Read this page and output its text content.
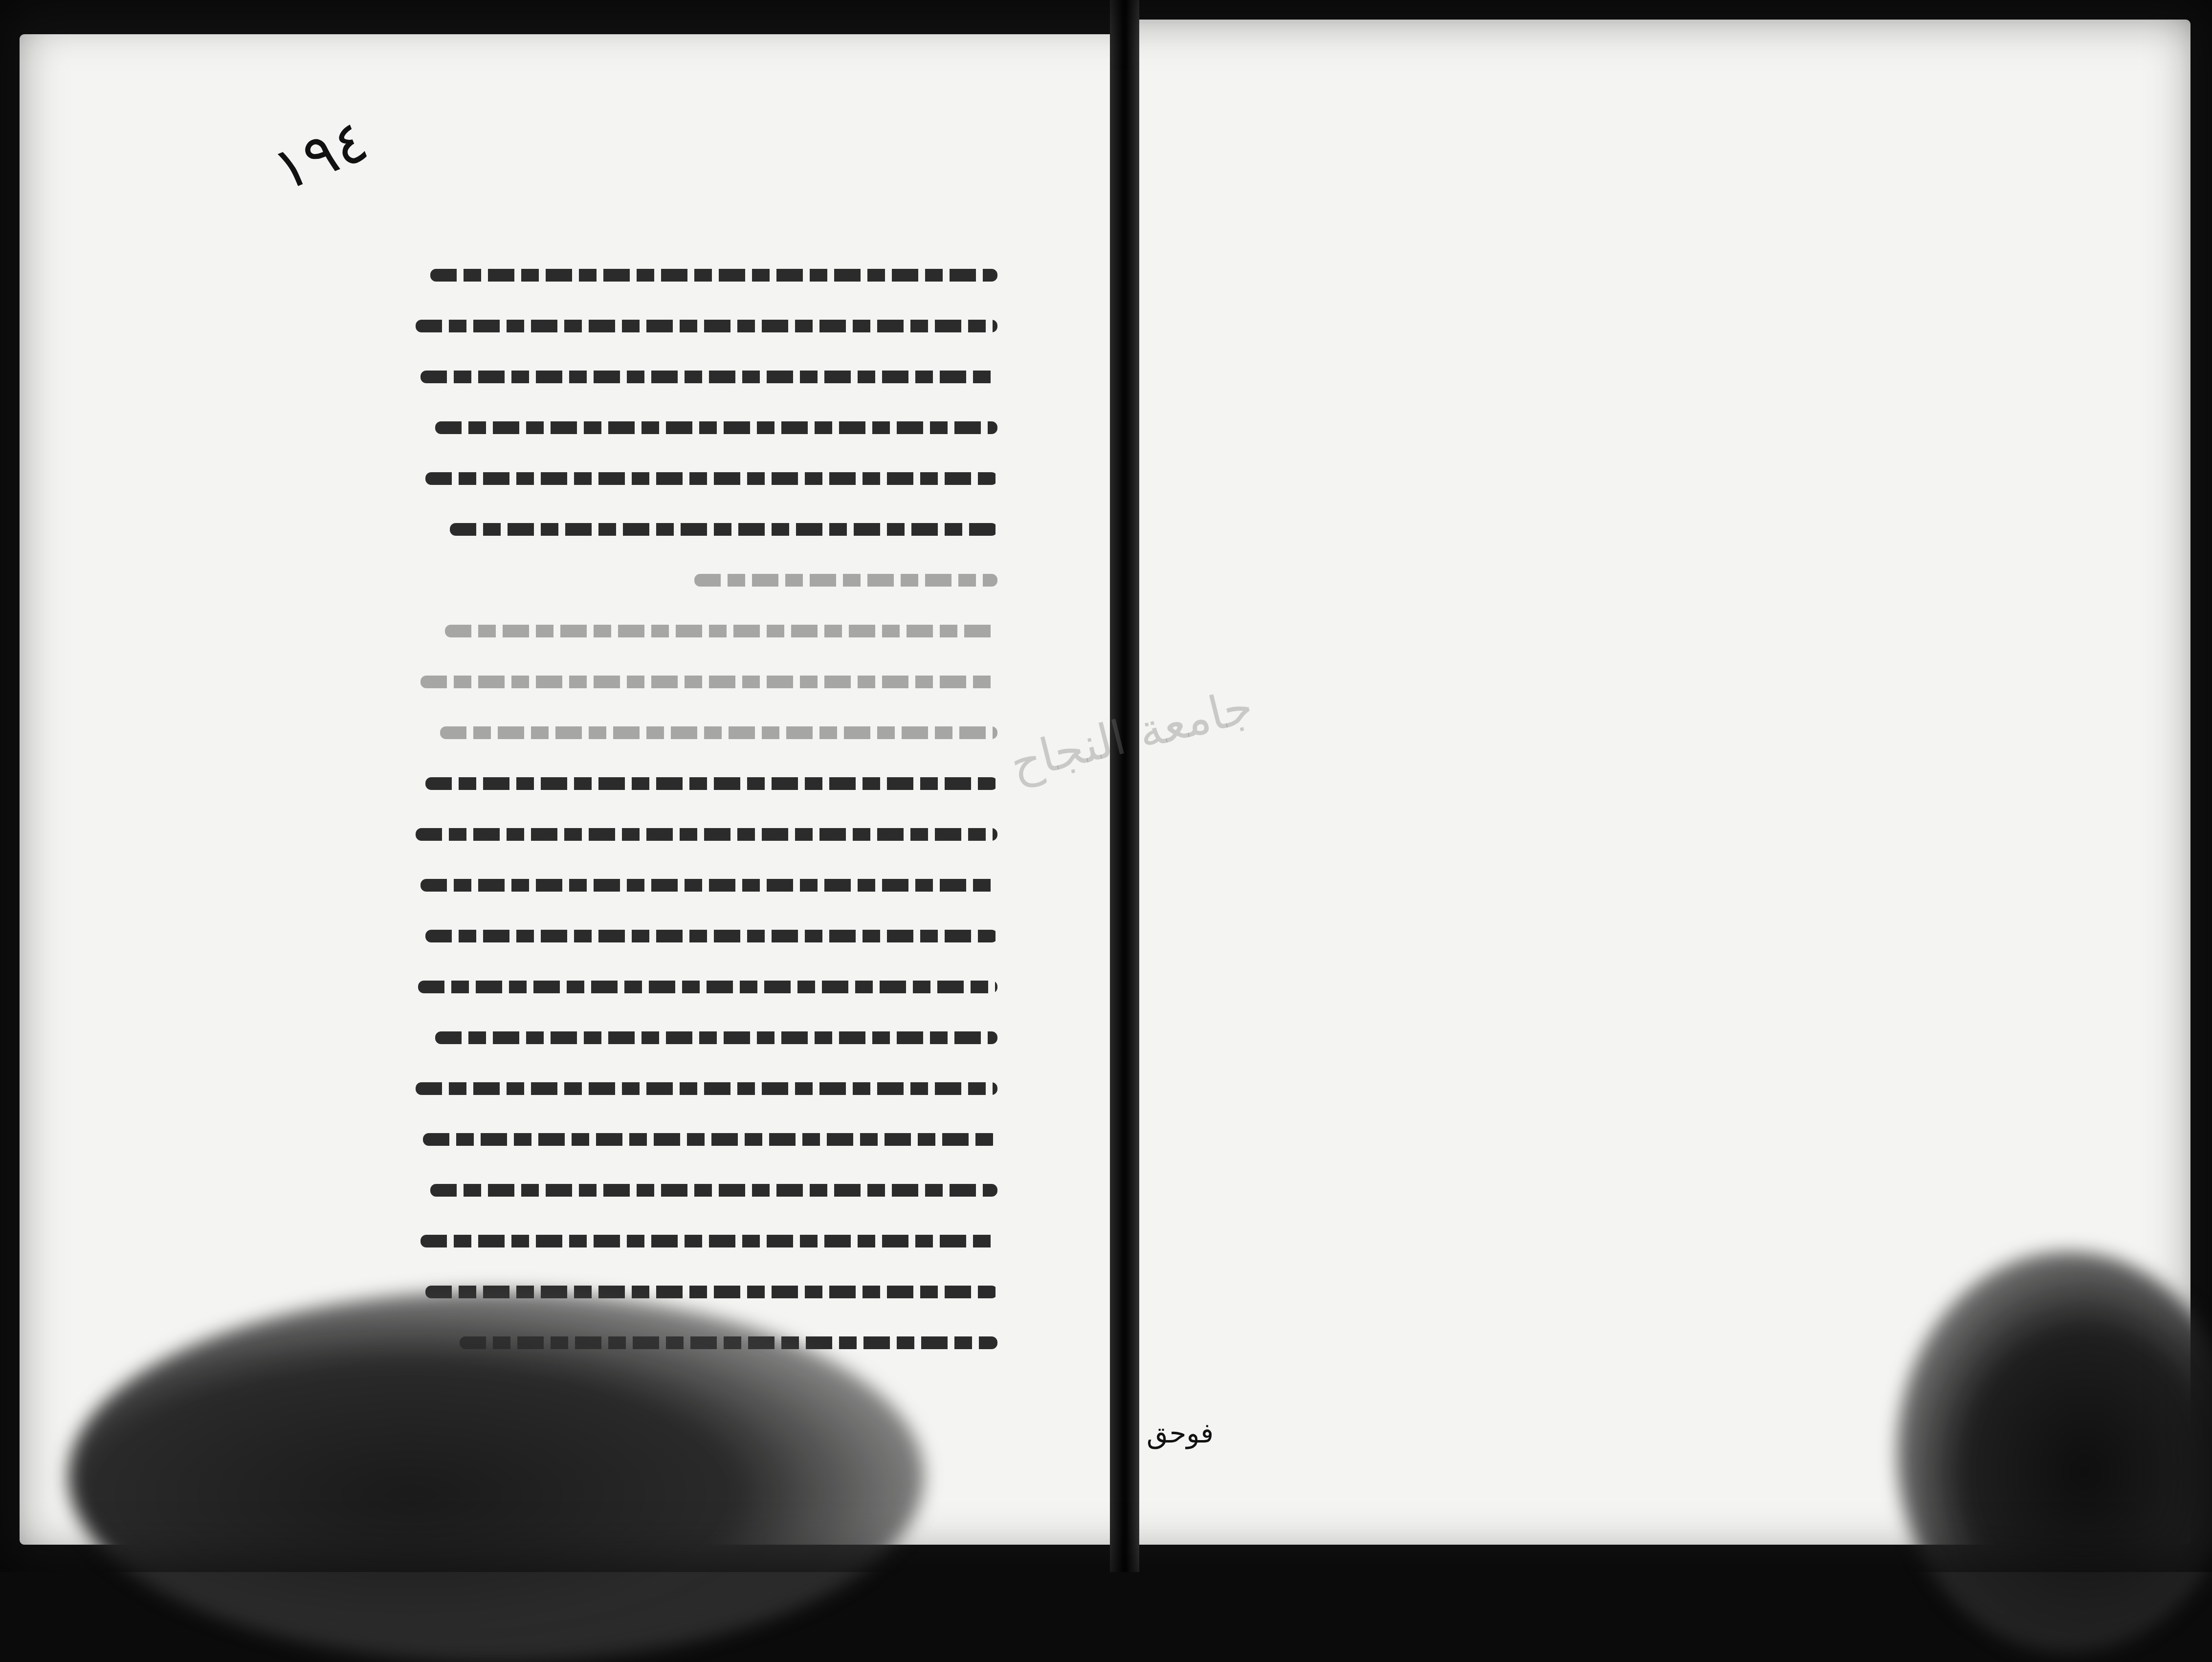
١٩٤
فوحق
جامعة النجاح
